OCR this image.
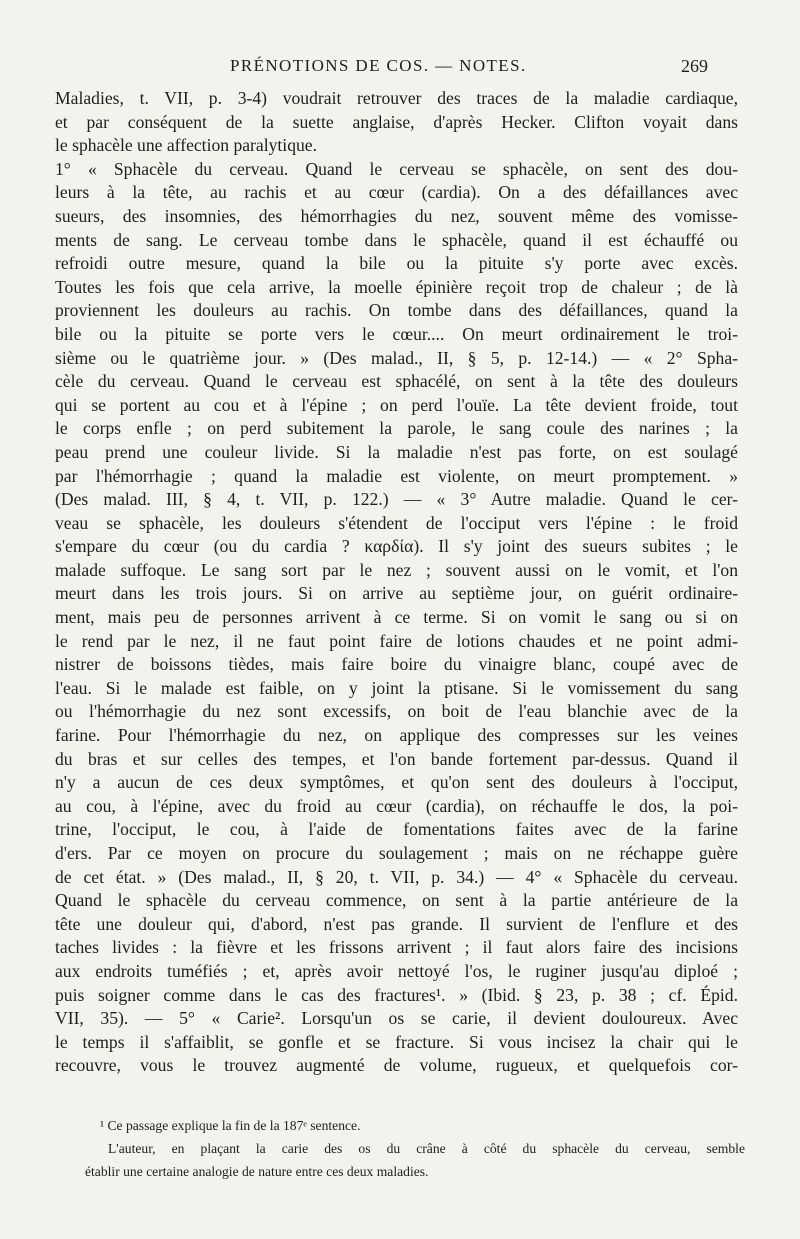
PRÉNOTIONS DE COS. — NOTES.	269
Maladies, t. VII, p. 3-4) voudrait retrouver des traces de la maladie cardiaque,
et par conséquent de la suette anglaise, d'après Hecker. Clifton voyait dans
le sphacèle une affection paralytique.
1° « Sphacèle du cerveau. Quand le cerveau se sphacèle, on sent des dou-
leurs à la tête, au rachis et au cœur (cardia). On a des défaillances avec
sueurs, des insomnies, des hémorrhagies du nez, souvent même des vomisse-
ments de sang. Le cerveau tombe dans le sphacèle, quand il est échauffé ou
refroidi outre mesure, quand la bile ou la pituite s'y porte avec excès.
Toutes les fois que cela arrive, la moelle épinière reçoit trop de chaleur ; de là
proviennent les douleurs au rachis. On tombe dans des défaillances, quand la
bile ou la pituite se porte vers le cœur.... On meurt ordinairement le troi-
sième ou le quatrième jour. » (Des malad., II, § 5, p. 12-14.) — « 2° Spha-
cèle du cerveau. Quand le cerveau est sphacélé, on sent à la tête des douleurs
qui se portent au cou et à l'épine ; on perd l'ouïe. La tête devient froide, tout
le corps enfle ; on perd subitement la parole, le sang coule des narines ; la
peau prend une couleur livide. Si la maladie n'est pas forte, on est soulagé
par l'hémorrhagie ; quand la maladie est violente, on meurt promptement. »
(Des malad. III, § 4, t. VII, p. 122.) — « 3° Autre maladie. Quand le cer-
veau se sphacèle, les douleurs s'étendent de l'occiput vers l'épine : le froid
s'empare du cœur (ou du cardia ? καρδία). Il s'y joint des sueurs subites ; le
malade suffoque. Le sang sort par le nez ; souvent aussi on le vomit, et l'on
meurt dans les trois jours. Si on arrive au septième jour, on guérit ordinaire-
ment, mais peu de personnes arrivent à ce terme. Si on vomit le sang ou si on
le rend par le nez, il ne faut point faire de lotions chaudes et ne point admi-
nistrer de boissons tièdes, mais faire boire du vinaigre blanc, coupé avec de
l'eau. Si le malade est faible, on y joint la ptisane. Si le vomissement du sang
ou l'hémorrhagie du nez sont excessifs, on boit de l'eau blanchie avec de la
farine. Pour l'hémorrhagie du nez, on applique des compresses sur les veines
du bras et sur celles des tempes, et l'on bande fortement par-dessus. Quand il
n'y a aucun de ces deux symptômes, et qu'on sent des douleurs à l'occiput,
au cou, à l'épine, avec du froid au cœur (cardia), on réchauffe le dos, la poi-
trine, l'occiput, le cou, à l'aide de fomentations faites avec de la farine
d'ers. Par ce moyen on procure du soulagement ; mais on ne réchappe guère
de cet état. » (Des malad., II, § 20, t. VII, p. 34.) — 4° « Sphacèle du cerveau.
Quand le sphacèle du cerveau commence, on sent à la partie antérieure de la
tête une douleur qui, d'abord, n'est pas grande. Il survient de l'enflure et des
taches livides : la fièvre et les frissons arrivent ; il faut alors faire des incisions
aux endroits tuméfiés ; et, après avoir nettoyé l'os, le ruginer jusqu'au diploé ;
puis soigner comme dans le cas des fractures¹. » (Ibid. § 23, p. 38 ; cf. Épid.
VII, 35). — 5° « Carie². Lorsqu'un os se carie, il devient douloureux. Avec
le temps il s'affaiblit, se gonfle et se fracture. Si vous incisez la chair qui le
recouvre, vous le trouvez augmenté de volume, rugueux, et quelquefois cor-
¹ Ce passage explique la fin de la 187ᵉ sentence.
L'auteur, en plaçant la carie des os du crâne à côté du sphacèle du cerveau, semble
établir une certaine analogie de nature entre ces deux maladies.
